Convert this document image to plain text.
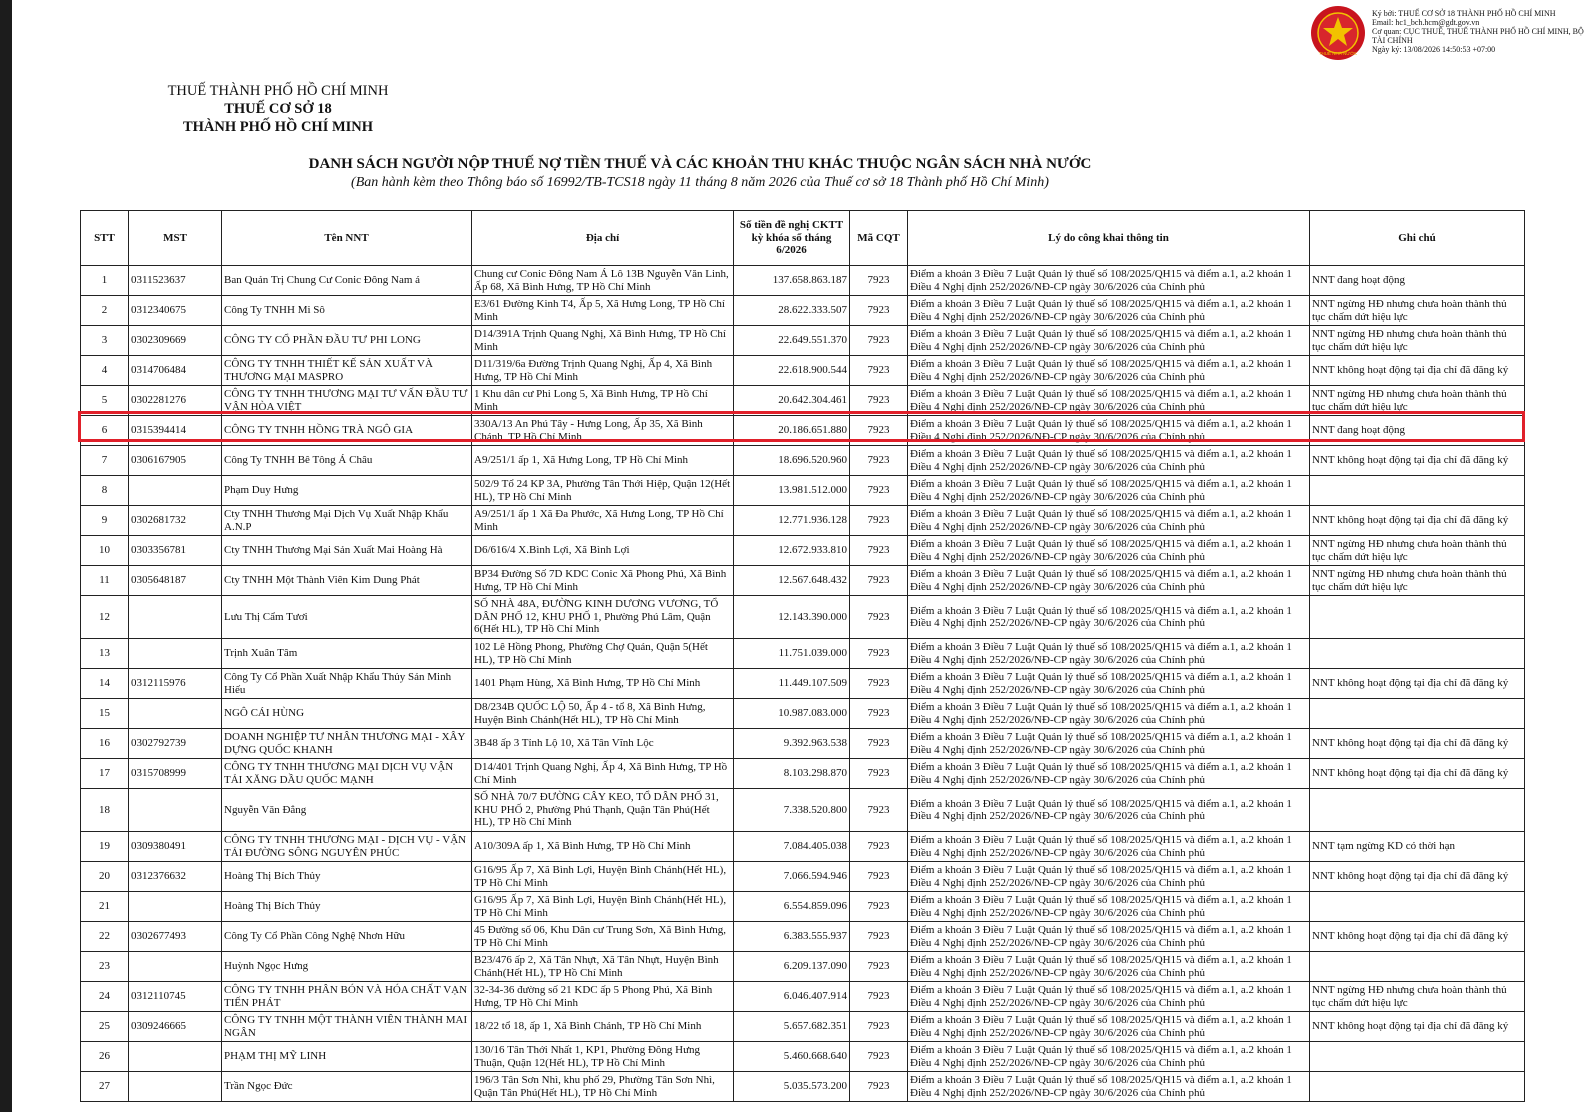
THUẾ NHÀ NƯỚC
Ký bởi: THUẾ CƠ SỞ 18 THÀNH PHỐ HỒ CHÍ MINH
Email: hc1_bch.hcm@gdt.gov.vn
Cơ quan: CỤC THUẾ, THUẾ THÀNH PHỐ HỒ CHÍ MINH, BỘ TÀI CHÍNH
Ngày ký: 13/08/2026 14:50:53 +07:00
THUẾ THÀNH PHỐ HỒ CHÍ MINH
THUẾ CƠ SỞ 18
THÀNH PHỐ HỒ CHÍ MINH
DANH SÁCH NGƯỜI NỘP THUẾ NỢ TIỀN THUẾ VÀ CÁC KHOẢN THU KHÁC THUỘC NGÂN SÁCH NHÀ NƯỚC
(Ban hành kèm theo Thông báo số 16992/TB-TCS18 ngày 11 tháng 8 năm 2026 của Thuế cơ sở 18 Thành phố Hồ Chí Minh)
STT	MST	Tên NNT	Địa chỉ	Số tiền đề nghị CKTT kỳ khóa sổ tháng 6/2026	Mã CQT	Lý do công khai thông tin	Ghi chú
1	0311523637	Ban Quản Trị Chung Cư Conic Đông Nam á	Chung cư Conic Đông Nam Á Lô 13B Nguyễn Văn Linh, Ấp 68, Xã Bình Hưng, TP Hồ Chí Minh	137.658.863.187	7923	Điểm a khoản 3 Điều 7 Luật Quản lý thuế số 108/2025/QH15 và điểm a.1, a.2 khoản 1 Điều 4 Nghị định 252/2026/NĐ-CP ngày 30/6/2026 của Chính phủ	NNT đang hoạt động
2	0312340675	Công Ty TNHH Mi Sô	E3/61 Đường Kinh T4, Ấp 5, Xã Hưng Long, TP Hồ Chí Minh	28.622.333.507	7923	Điểm a khoản 3 Điều 7 Luật Quản lý thuế số 108/2025/QH15 và điểm a.1, a.2 khoản 1 Điều 4 Nghị định 252/2026/NĐ-CP ngày 30/6/2026 của Chính phủ	NNT ngừng HĐ nhưng chưa hoàn thành thủ tục chấm dứt hiệu lực
3	0302309669	CÔNG TY CỔ PHẦN ĐẦU TƯ PHI LONG	D14/391A Trịnh Quang Nghị, Xã Bình Hưng, TP Hồ Chí Minh	22.649.551.370	7923	Điểm a khoản 3 Điều 7 Luật Quản lý thuế số 108/2025/QH15 và điểm a.1, a.2 khoản 1 Điều 4 Nghị định 252/2026/NĐ-CP ngày 30/6/2026 của Chính phủ	NNT ngừng HĐ nhưng chưa hoàn thành thủ tục chấm dứt hiệu lực
4	0314706484	CÔNG TY TNHH THIẾT KẾ SẢN XUẤT VÀ THƯƠNG MẠI MASPRO	D11/319/6a Đường Trịnh Quang Nghị, Ấp 4, Xã Bình Hưng, TP Hồ Chí Minh	22.618.900.544	7923	Điểm a khoản 3 Điều 7 Luật Quản lý thuế số 108/2025/QH15 và điểm a.1, a.2 khoản 1 Điều 4 Nghị định 252/2026/NĐ-CP ngày 30/6/2026 của Chính phủ	NNT không hoạt động tại địa chỉ đã đăng ký
5	0302281276	CÔNG TY TNHH THƯƠNG MẠI TƯ VẤN ĐẦU TƯ VẬN HÒA VIỆT	1 Khu dân cư Phi Long 5, Xã Bình Hưng, TP Hồ Chí Minh	20.642.304.461	7923	Điểm a khoản 3 Điều 7 Luật Quản lý thuế số 108/2025/QH15 và điểm a.1, a.2 khoản 1 Điều 4 Nghị định 252/2026/NĐ-CP ngày 30/6/2026 của Chính phủ	NNT ngừng HĐ nhưng chưa hoàn thành thủ tục chấm dứt hiệu lực
6	0315394414	CÔNG TY TNHH HỒNG TRÀ NGÔ GIA	330A/13 An Phú Tây - Hưng Long, Ấp 35, Xã Bình Chánh, TP Hồ Chí Minh	20.186.651.880	7923	Điểm a khoản 3 Điều 7 Luật Quản lý thuế số 108/2025/QH15 và điểm a.1, a.2 khoản 1 Điều 4 Nghị định 252/2026/NĐ-CP ngày 30/6/2026 của Chính phủ	NNT đang hoạt động
7	0306167905	Công Ty TNHH Bê Tông Á Châu	A9/251/1 ấp 1, Xã Hưng Long, TP Hồ Chí Minh	18.696.520.960	7923	Điểm a khoản 3 Điều 7 Luật Quản lý thuế số 108/2025/QH15 và điểm a.1, a.2 khoản 1 Điều 4 Nghị định 252/2026/NĐ-CP ngày 30/6/2026 của Chính phủ	NNT không hoạt động tại địa chỉ đã đăng ký
8		Phạm Duy Hưng	502/9 Tổ 24 KP 3A, Phường Tân Thới Hiệp, Quận 12(Hết HL), TP Hồ Chí Minh	13.981.512.000	7923	Điểm a khoản 3 Điều 7 Luật Quản lý thuế số 108/2025/QH15 và điểm a.1, a.2 khoản 1 Điều 4 Nghị định 252/2026/NĐ-CP ngày 30/6/2026 của Chính phủ	
9	0302681732	Cty TNHH Thương Mại Dịch Vụ Xuất Nhập Khẩu A.N.P	A9/251/1 ấp 1 Xã Đa Phước, Xã Hưng Long, TP Hồ Chí Minh	12.771.936.128	7923	Điểm a khoản 3 Điều 7 Luật Quản lý thuế số 108/2025/QH15 và điểm a.1, a.2 khoản 1 Điều 4 Nghị định 252/2026/NĐ-CP ngày 30/6/2026 của Chính phủ	NNT không hoạt động tại địa chỉ đã đăng ký
10	0303356781	Cty TNHH Thương Mại Sản Xuất Mai Hoàng Hà	D6/616/4 X.Bình Lợi, Xã Bình Lợi	12.672.933.810	7923	Điểm a khoản 3 Điều 7 Luật Quản lý thuế số 108/2025/QH15 và điểm a.1, a.2 khoản 1 Điều 4 Nghị định 252/2026/NĐ-CP ngày 30/6/2026 của Chính phủ	NNT ngừng HĐ nhưng chưa hoàn thành thủ tục chấm dứt hiệu lực
11	0305648187	Cty TNHH Một Thành Viên Kim Dung Phát	BP34 Đường Số 7D KDC Conic Xã Phong Phú, Xã Bình Hưng, TP Hồ Chí Minh	12.567.648.432	7923	Điểm a khoản 3 Điều 7 Luật Quản lý thuế số 108/2025/QH15 và điểm a.1, a.2 khoản 1 Điều 4 Nghị định 252/2026/NĐ-CP ngày 30/6/2026 của Chính phủ	NNT ngừng HĐ nhưng chưa hoàn thành thủ tục chấm dứt hiệu lực
12		Lưu Thị Cẩm Tươi	SỐ NHÀ 48A, ĐƯỜNG KINH DƯƠNG VƯƠNG, TỔ DÂN PHỐ 12, KHU PHỐ 1, Phường Phú Lâm, Quận 6(Hết HL), TP Hồ Chí Minh	12.143.390.000	7923	Điểm a khoản 3 Điều 7 Luật Quản lý thuế số 108/2025/QH15 và điểm a.1, a.2 khoản 1 Điều 4 Nghị định 252/2026/NĐ-CP ngày 30/6/2026 của Chính phủ	
13		Trịnh Xuân Tâm	102 Lê Hồng Phong, Phường Chợ Quán, Quận 5(Hết HL), TP Hồ Chí Minh	11.751.039.000	7923	Điểm a khoản 3 Điều 7 Luật Quản lý thuế số 108/2025/QH15 và điểm a.1, a.2 khoản 1 Điều 4 Nghị định 252/2026/NĐ-CP ngày 30/6/2026 của Chính phủ	
14	0312115976	Công Ty Cổ Phần Xuất Nhập Khẩu Thủy Sản Minh Hiếu	1401 Phạm Hùng, Xã Bình Hưng, TP Hồ Chí Minh	11.449.107.509	7923	Điểm a khoản 3 Điều 7 Luật Quản lý thuế số 108/2025/QH15 và điểm a.1, a.2 khoản 1 Điều 4 Nghị định 252/2026/NĐ-CP ngày 30/6/2026 của Chính phủ	NNT không hoạt động tại địa chỉ đã đăng ký
15		NGÔ CÁI HÙNG	D8/234B QUỐC LỘ 50, Ấp 4 - tổ 8, Xã Bình Hưng, Huyện Bình Chánh(Hết HL), TP Hồ Chí Minh	10.987.083.000	7923	Điểm a khoản 3 Điều 7 Luật Quản lý thuế số 108/2025/QH15 và điểm a.1, a.2 khoản 1 Điều 4 Nghị định 252/2026/NĐ-CP ngày 30/6/2026 của Chính phủ	
16	0302792739	DOANH NGHIỆP TƯ NHÂN THƯƠNG MẠI - XÂY DỰNG QUỐC KHANH	3B48 ấp 3 Tỉnh Lộ 10, Xã Tân Vĩnh Lộc	9.392.963.538	7923	Điểm a khoản 3 Điều 7 Luật Quản lý thuế số 108/2025/QH15 và điểm a.1, a.2 khoản 1 Điều 4 Nghị định 252/2026/NĐ-CP ngày 30/6/2026 của Chính phủ	NNT không hoạt động tại địa chỉ đã đăng ký
17	0315708999	CÔNG TY TNHH THƯƠNG MẠI DỊCH VỤ VẬN TẢI XĂNG DẦU QUỐC MẠNH	D14/401 Trịnh Quang Nghị, Ấp 4, Xã Bình Hưng, TP Hồ Chí Minh	8.103.298.870	7923	Điểm a khoản 3 Điều 7 Luật Quản lý thuế số 108/2025/QH15 và điểm a.1, a.2 khoản 1 Điều 4 Nghị định 252/2026/NĐ-CP ngày 30/6/2026 của Chính phủ	NNT không hoạt động tại địa chỉ đã đăng ký
18		Nguyễn Văn Đẳng	SỐ NHÀ 70/7 ĐƯỜNG CÂY KEO, TỔ DÂN PHỐ 31, KHU PHỐ 2, Phường Phú Thạnh, Quận Tân Phú(Hết HL), TP Hồ Chí Minh	7.338.520.800	7923	Điểm a khoản 3 Điều 7 Luật Quản lý thuế số 108/2025/QH15 và điểm a.1, a.2 khoản 1 Điều 4 Nghị định 252/2026/NĐ-CP ngày 30/6/2026 của Chính phủ	
19	0309380491	CÔNG TY TNHH THƯƠNG MẠI - DỊCH VỤ - VẬN TẢI ĐƯỜNG SÔNG NGUYÊN PHÚC	A10/309A ấp 1, Xã Bình Hưng, TP Hồ Chí Minh	7.084.405.038	7923	Điểm a khoản 3 Điều 7 Luật Quản lý thuế số 108/2025/QH15 và điểm a.1, a.2 khoản 1 Điều 4 Nghị định 252/2026/NĐ-CP ngày 30/6/2026 của Chính phủ	NNT tạm ngừng KD có thời hạn
20	0312376632	Hoàng Thị Bích Thủy	G16/95 Ấp 7, Xã Bình Lợi, Huyện Bình Chánh(Hết HL), TP Hồ Chí Minh	7.066.594.946	7923	Điểm a khoản 3 Điều 7 Luật Quản lý thuế số 108/2025/QH15 và điểm a.1, a.2 khoản 1 Điều 4 Nghị định 252/2026/NĐ-CP ngày 30/6/2026 của Chính phủ	NNT không hoạt động tại địa chỉ đã đăng ký
21		Hoàng Thị Bích Thủy	G16/95 Ấp 7, Xã Bình Lợi, Huyện Bình Chánh(Hết HL), TP Hồ Chí Minh	6.554.859.096	7923	Điểm a khoản 3 Điều 7 Luật Quản lý thuế số 108/2025/QH15 và điểm a.1, a.2 khoản 1 Điều 4 Nghị định 252/2026/NĐ-CP ngày 30/6/2026 của Chính phủ	
22	0302677493	Công Ty Cổ Phần Công Nghệ Nhơn Hữu	45 Đường số 06, Khu Dân cư Trung Sơn, Xã Bình Hưng, TP Hồ Chí Minh	6.383.555.937	7923	Điểm a khoản 3 Điều 7 Luật Quản lý thuế số 108/2025/QH15 và điểm a.1, a.2 khoản 1 Điều 4 Nghị định 252/2026/NĐ-CP ngày 30/6/2026 của Chính phủ	NNT không hoạt động tại địa chỉ đã đăng ký
23		Huỳnh Ngọc Hưng	B23/476 ấp 2, Xã Tân Nhựt, Xã Tân Nhựt, Huyện Bình Chánh(Hết HL), TP Hồ Chí Minh	6.209.137.090	7923	Điểm a khoản 3 Điều 7 Luật Quản lý thuế số 108/2025/QH15 và điểm a.1, a.2 khoản 1 Điều 4 Nghị định 252/2026/NĐ-CP ngày 30/6/2026 của Chính phủ	
24	0312110745	CÔNG TY TNHH PHÂN BÓN VÀ HÓA CHẤT VẠN TIẾN PHÁT	32-34-36 đường số 21 KDC ấp 5 Phong Phú, Xã Bình Hưng, TP Hồ Chí Minh	6.046.407.914	7923	Điểm a khoản 3 Điều 7 Luật Quản lý thuế số 108/2025/QH15 và điểm a.1, a.2 khoản 1 Điều 4 Nghị định 252/2026/NĐ-CP ngày 30/6/2026 của Chính phủ	NNT ngừng HĐ nhưng chưa hoàn thành thủ tục chấm dứt hiệu lực
25	0309246665	CÔNG TY TNHH MỘT THÀNH VIÊN THÀNH MAI NGÂN	18/22 tổ 18, ấp 1, Xã Bình Chánh, TP Hồ Chí Minh	5.657.682.351	7923	Điểm a khoản 3 Điều 7 Luật Quản lý thuế số 108/2025/QH15 và điểm a.1, a.2 khoản 1 Điều 4 Nghị định 252/2026/NĐ-CP ngày 30/6/2026 của Chính phủ	NNT không hoạt động tại địa chỉ đã đăng ký
26		PHẠM THỊ MỸ LINH	130/16 Tân Thới Nhất 1, KP1, Phường Đông Hưng Thuận, Quận 12(Hết HL), TP Hồ Chí Minh	5.460.668.640	7923	Điểm a khoản 3 Điều 7 Luật Quản lý thuế số 108/2025/QH15 và điểm a.1, a.2 khoản 1 Điều 4 Nghị định 252/2026/NĐ-CP ngày 30/6/2026 của Chính phủ	
27		Trần Ngọc Đức	196/3 Tân Sơn Nhì, khu phố 29, Phường Tân Sơn Nhì, Quận Tân Phú(Hết HL), TP Hồ Chí Minh	5.035.573.200	7923	Điểm a khoản 3 Điều 7 Luật Quản lý thuế số 108/2025/QH15 và điểm a.1, a.2 khoản 1 Điều 4 Nghị định 252/2026/NĐ-CP ngày 30/6/2026 của Chính phủ	
